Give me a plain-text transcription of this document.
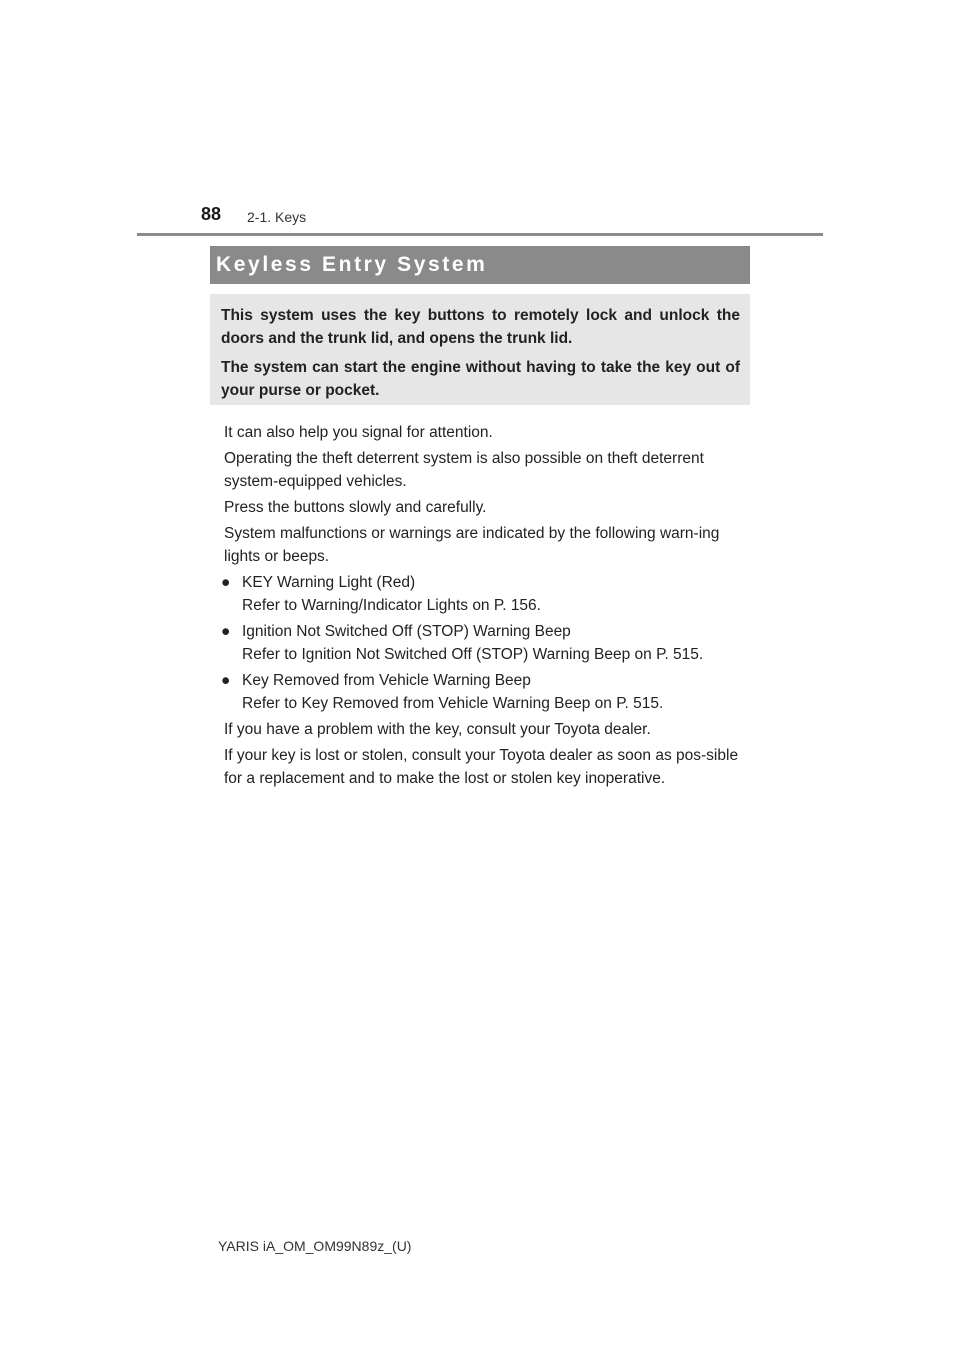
88 2-1. Keys
Keyless Entry System

This system uses the key buttons to remotely lock and unlock the doors and the trunk lid, and opens the trunk lid.

The system can start the engine without having to take the key out of your purse or pocket.

It can also help you signal for attention.

Operating the theft deterrent system is also possible on theft deterrent system-equipped vehicles.

Press the buttons slowly and carefully.

System malfunctions or warnings are indicated by the following warn-ing lights or beeps.

● KEY Warning Light (Red)
Refer to Warning/Indicator Lights on P. 156.
● Ignition Not Switched Off (STOP) Warning Beep
Refer to Ignition Not Switched Off (STOP) Warning Beep on P. 515.
● Key Removed from Vehicle Warning Beep
Refer to Key Removed from Vehicle Warning Beep on P. 515.

If you have a problem with the key, consult your Toyota dealer.

If your key is lost or stolen, consult your Toyota dealer as soon as pos-sible for a replacement and to make the lost or stolen key inoperative.

YARIS iA_OM_OM99N89z_(U)
